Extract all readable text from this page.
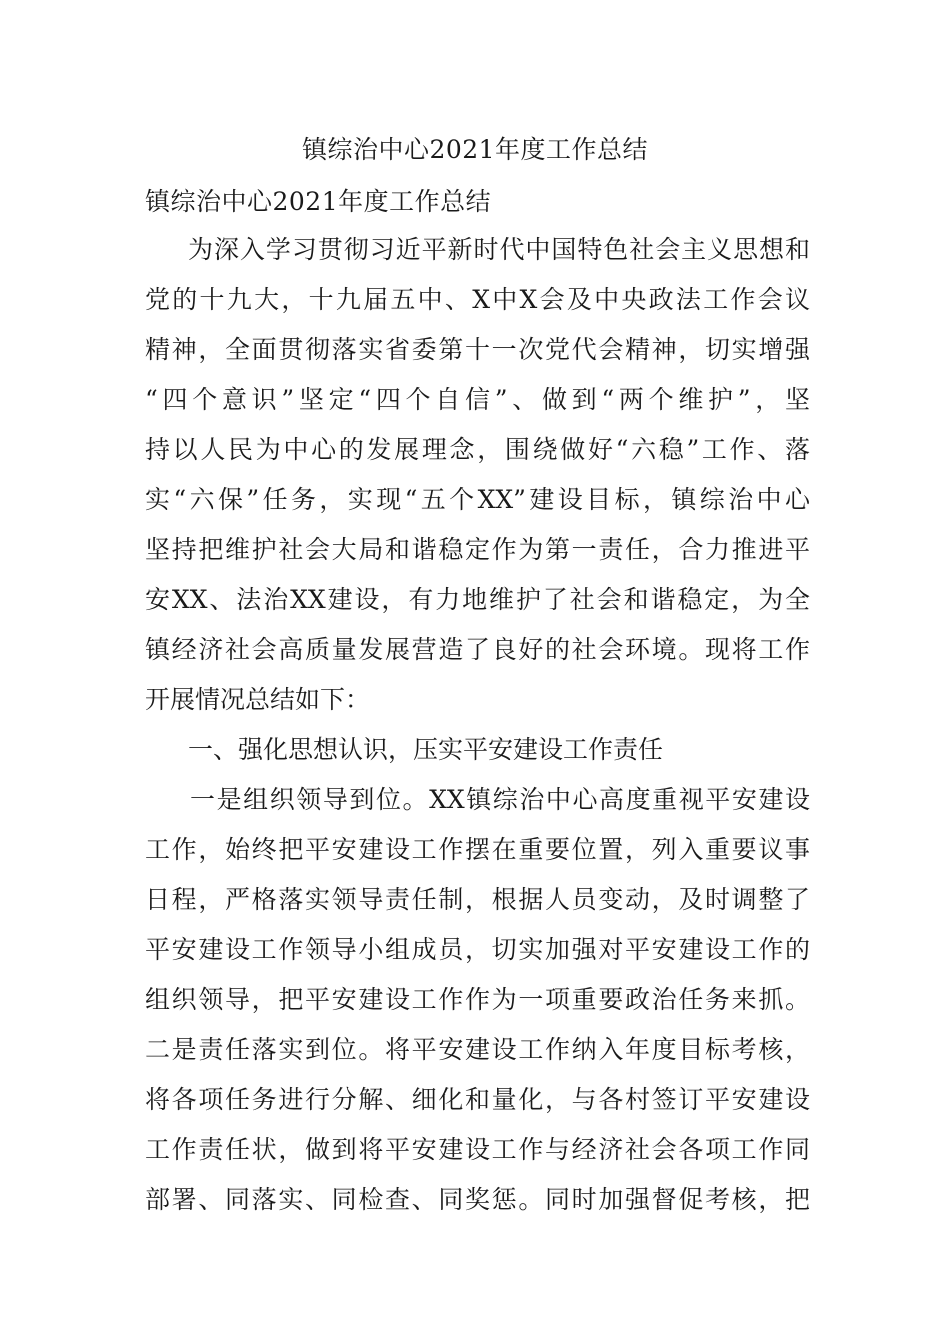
镇综治中心2021年度工作总结
镇综治中心2021年度工作总结
为深入学习贯彻习近平新时代中国特色社会主义思想和
党的十九大，十九届五中、X中X会及中央政法工作会议
精神，全面贯彻落实省委第十一次党代会精神，切实增强
“四个意识”坚定“四个自信”、做到“两个维护”，坚
持以人民为中心的发展理念，围绕做好“六稳”工作、落
实“六保”任务，实现“五个XX”建设目标，镇综治中心
坚持把维护社会大局和谐稳定作为第一责任，合力推进平
安XX、法治XX建设，有力地维护了社会和谐稳定，为全
镇经济社会高质量发展营造了良好的社会环境。现将工作
开展情况总结如下：
一、强化思想认识，压实平安建设工作责任
一是组织领导到位。XX镇综治中心高度重视平安建设
工作，始终把平安建设工作摆在重要位置，列入重要议事
日程，严格落实领导责任制，根据人员变动，及时调整了
平安建设工作领导小组成员，切实加强对平安建设工作的
组织领导，把平安建设工作作为一项重要政治任务来抓。
二是责任落实到位。将平安建设工作纳入年度目标考核，
将各项任务进行分解、细化和量化，与各村签订平安建设
工作责任状，做到将平安建设工作与经济社会各项工作同
部署、同落实、同检查、同奖惩。同时加强督促考核，把
